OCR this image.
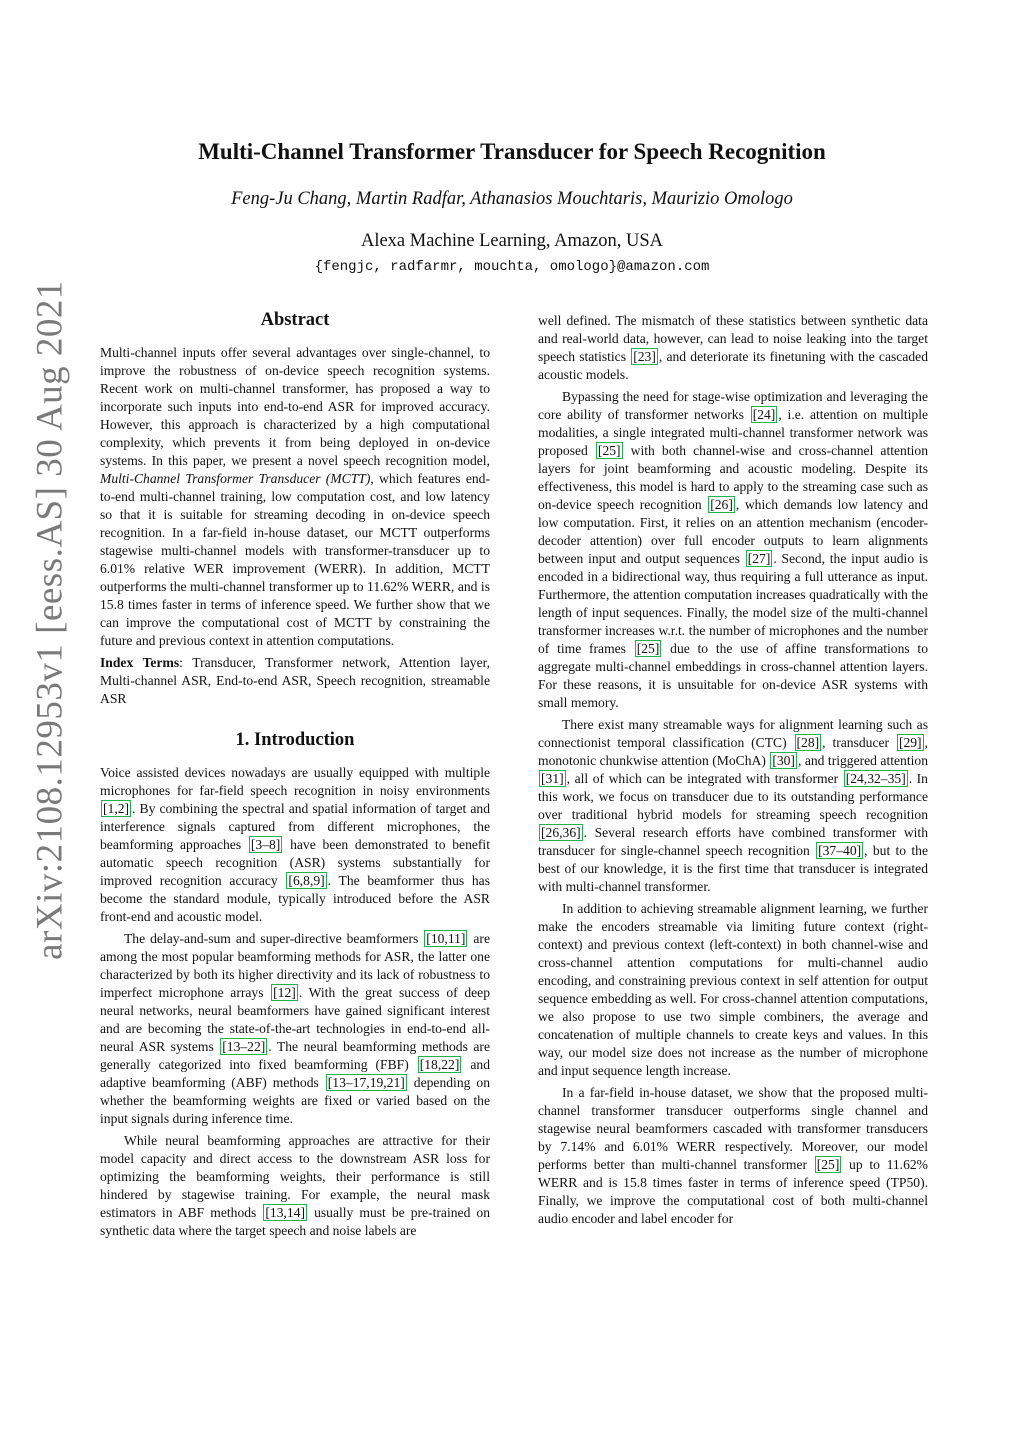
arXiv:2108.12953v1 [eess.AS] 30 Aug 2021
Multi-Channel Transformer Transducer for Speech Recognition
Feng-Ju Chang, Martin Radfar, Athanasios Mouchtaris, Maurizio Omologo
Alexa Machine Learning, Amazon, USA
{fengjc, radfarmr, mouchta, omologo}@amazon.com
Abstract

Multi-channel inputs offer several advantages over single-channel, to improve the robustness of on-device speech recognition systems. Recent work on multi-channel transformer, has proposed a way to incorporate such inputs into end-to-end ASR for improved accuracy. However, this approach is characterized by a high computational complexity, which prevents it from being deployed in on-device systems. In this paper, we present a novel speech recognition model, Multi-Channel Transformer Transducer (MCTT), which features end-to-end multi-channel training, low computation cost, and low latency so that it is suitable for streaming decoding in on-device speech recognition. In a far-field in-house dataset, our MCTT outperforms stagewise multi-channel models with transformer-transducer up to 6.01% relative WER improvement (WERR). In addition, MCTT outperforms the multi-channel transformer up to 11.62% WERR, and is 15.8 times faster in terms of inference speed. We further show that we can improve the computational cost of MCTT by constraining the future and previous context in attention computations.

Index Terms: Transducer, Transformer network, Attention layer, Multi-channel ASR, End-to-end ASR, Speech recognition, streamable ASR

1. Introduction

Voice assisted devices nowadays are usually equipped with multiple microphones for far-field speech recognition in noisy environments [1,2] . By combining the spectral and spatial information of target and interference signals captured from different microphones, the beamforming approaches [3–8] have been demonstrated to benefit automatic speech recognition (ASR) systems substantially for improved recognition accuracy [6,8,9] . The beamformer thus has become the standard module, typically introduced before the ASR front-end and acoustic model.

The delay-and-sum and super-directive beamformers [10,11] are among the most popular beamforming methods for ASR, the latter one characterized by both its higher directivity and its lack of robustness to imperfect microphone arrays [12] . With the great success of deep neural networks, neural beamformers have gained significant interest and are becoming the state-of-the-art technologies in end-to-end all-neural ASR systems [13–22] . The neural beamforming methods are generally categorized into fixed beamforming (FBF) [18,22] and adaptive beamforming (ABF) methods [13–17,19,21] depending on whether the beamforming weights are fixed or varied based on the input signals during inference time.

While neural beamforming approaches are attractive for their model capacity and direct access to the downstream ASR loss for optimizing the beamforming weights, their performance is still hindered by stagewise training. For example, the neural mask estimators in ABF methods [13,14] usually must be pre-trained on synthetic data where the target speech and noise labels are

well defined. The mismatch of these statistics between synthetic data and real-world data, however, can lead to noise leaking into the target speech statistics [23] , and deteriorate its finetuning with the cascaded acoustic models.

Bypassing the need for stage-wise optimization and leveraging the core ability of transformer networks [24] , i.e. attention on multiple modalities, a single integrated multi-channel transformer network was proposed [25] with both channel-wise and cross-channel attention layers for joint beamforming and acoustic modeling. Despite its effectiveness, this model is hard to apply to the streaming case such as on-device speech recognition [26] , which demands low latency and low computation. First, it relies on an attention mechanism (encoder-decoder attention) over full encoder outputs to learn alignments between input and output sequences [27] . Second, the input audio is encoded in a bidirectional way, thus requiring a full utterance as input. Furthermore, the attention computation increases quadratically with the length of input sequences. Finally, the model size of the multi-channel transformer increases w.r.t. the number of microphones and the number of time frames [25] due to the use of affine transformations to aggregate multi-channel embeddings in cross-channel attention layers. For these reasons, it is unsuitable for on-device ASR systems with small memory.

There exist many streamable ways for alignment learning such as connectionist temporal classification (CTC) [28] , transducer [29] , monotonic chunkwise attention (MoChA) [30] , and triggered attention [31] , all of which can be integrated with transformer [24,32–35] . In this work, we focus on transducer due to its outstanding performance over traditional hybrid models for streaming speech recognition [26,36] . Several research efforts have combined transformer with transducer for single-channel speech recognition [37–40] , but to the best of our knowledge, it is the first time that transducer is integrated with multi-channel transformer.

In addition to achieving streamable alignment learning, we further make the encoders streamable via limiting future context (right-context) and previous context (left-context) in both channel-wise and cross-channel attention computations for multi-channel audio encoding, and constraining previous context in self attention for output sequence embedding as well. For cross-channel attention computations, we also propose to use two simple combiners, the average and concatenation of multiple channels to create keys and values. In this way, our model size does not increase as the number of microphone and input sequence length increase.

In a far-field in-house dataset, we show that the proposed multi-channel transformer transducer outperforms single channel and stagewise neural beamformers cascaded with transformer transducers by 7.14% and 6.01% WERR respectively. Moreover, our model performs better than multi-channel transformer [25] up to 11.62% WERR and is 15.8 times faster in terms of inference speed (TP50). Finally, we improve the computational cost of both multi-channel audio encoder and label encoder for
